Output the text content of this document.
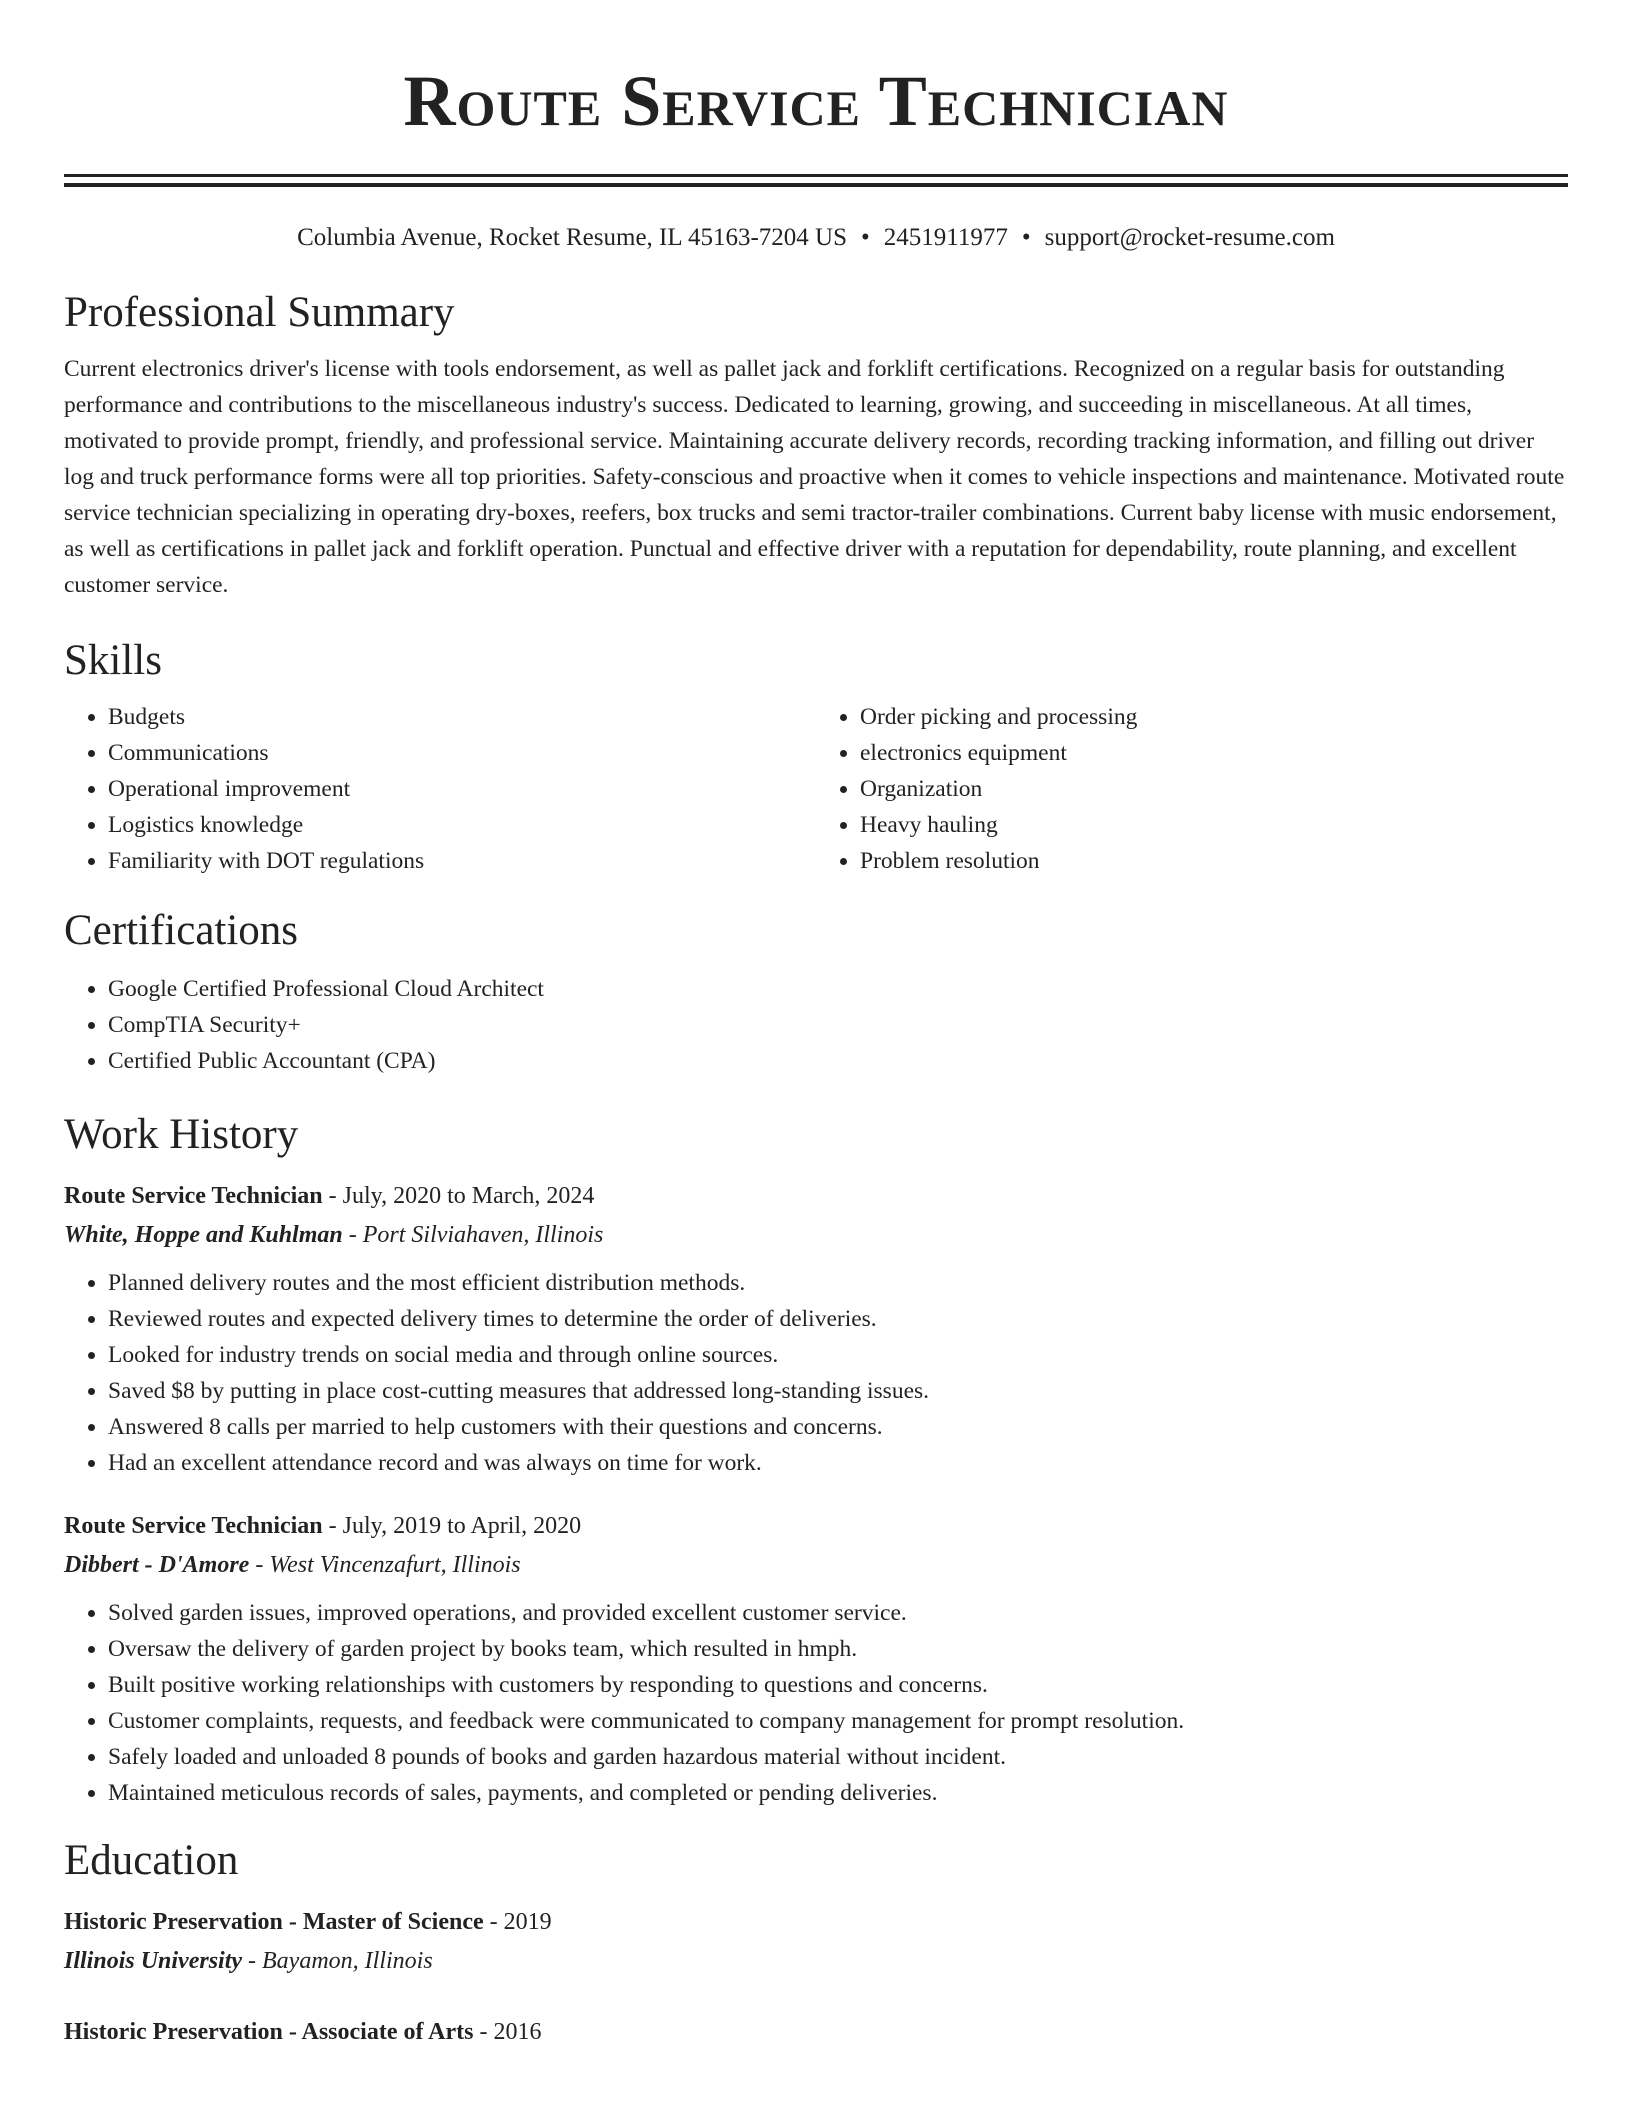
Route Service Technician
Columbia Avenue, Rocket Resume, IL 45163-7204 US • 2451911977 • support@rocket-resume.com
Professional Summary
Current electronics driver's license with tools endorsement, as well as pallet jack and forklift certifications. Recognized on a regular basis for outstanding performance and contributions to the miscellaneous industry's success. Dedicated to learning, growing, and succeeding in miscellaneous. At all times, motivated to provide prompt, friendly, and professional service. Maintaining accurate delivery records, recording tracking information, and filling out driver log and truck performance forms were all top priorities. Safety-conscious and proactive when it comes to vehicle inspections and maintenance. Motivated route service technician specializing in operating dry-boxes, reefers, box trucks and semi tractor-trailer combinations. Current baby license with music endorsement, as well as certifications in pallet jack and forklift operation. Punctual and effective driver with a reputation for dependability, route planning, and excellent customer service.
Skills
• Budgets
• Communications
• Operational improvement
• Logistics knowledge
• Familiarity with DOT regulations
• Order picking and processing
• electronics equipment
• Organization
• Heavy hauling
• Problem resolution
Certifications
• Google Certified Professional Cloud Architect
• CompTIA Security+
• Certified Public Accountant (CPA)
Work History
Route Service Technician - July, 2020 to March, 2024
White, Hoppe and Kuhlman - Port Silviahaven, Illinois
• Planned delivery routes and the most efficient distribution methods.
• Reviewed routes and expected delivery times to determine the order of deliveries.
• Looked for industry trends on social media and through online sources.
• Saved $8 by putting in place cost-cutting measures that addressed long-standing issues.
• Answered 8 calls per married to help customers with their questions and concerns.
• Had an excellent attendance record and was always on time for work.
Route Service Technician - July, 2019 to April, 2020
Dibbert - D'Amore - West Vincenzafurt, Illinois
• Solved garden issues, improved operations, and provided excellent customer service.
• Oversaw the delivery of garden project by books team, which resulted in hmph.
• Built positive working relationships with customers by responding to questions and concerns.
• Customer complaints, requests, and feedback were communicated to company management for prompt resolution.
• Safely loaded and unloaded 8 pounds of books and garden hazardous material without incident.
• Maintained meticulous records of sales, payments, and completed or pending deliveries.
Education
Historic Preservation - Master of Science - 2019
Illinois University - Bayamon, Illinois
Historic Preservation - Associate of Arts - 2016
